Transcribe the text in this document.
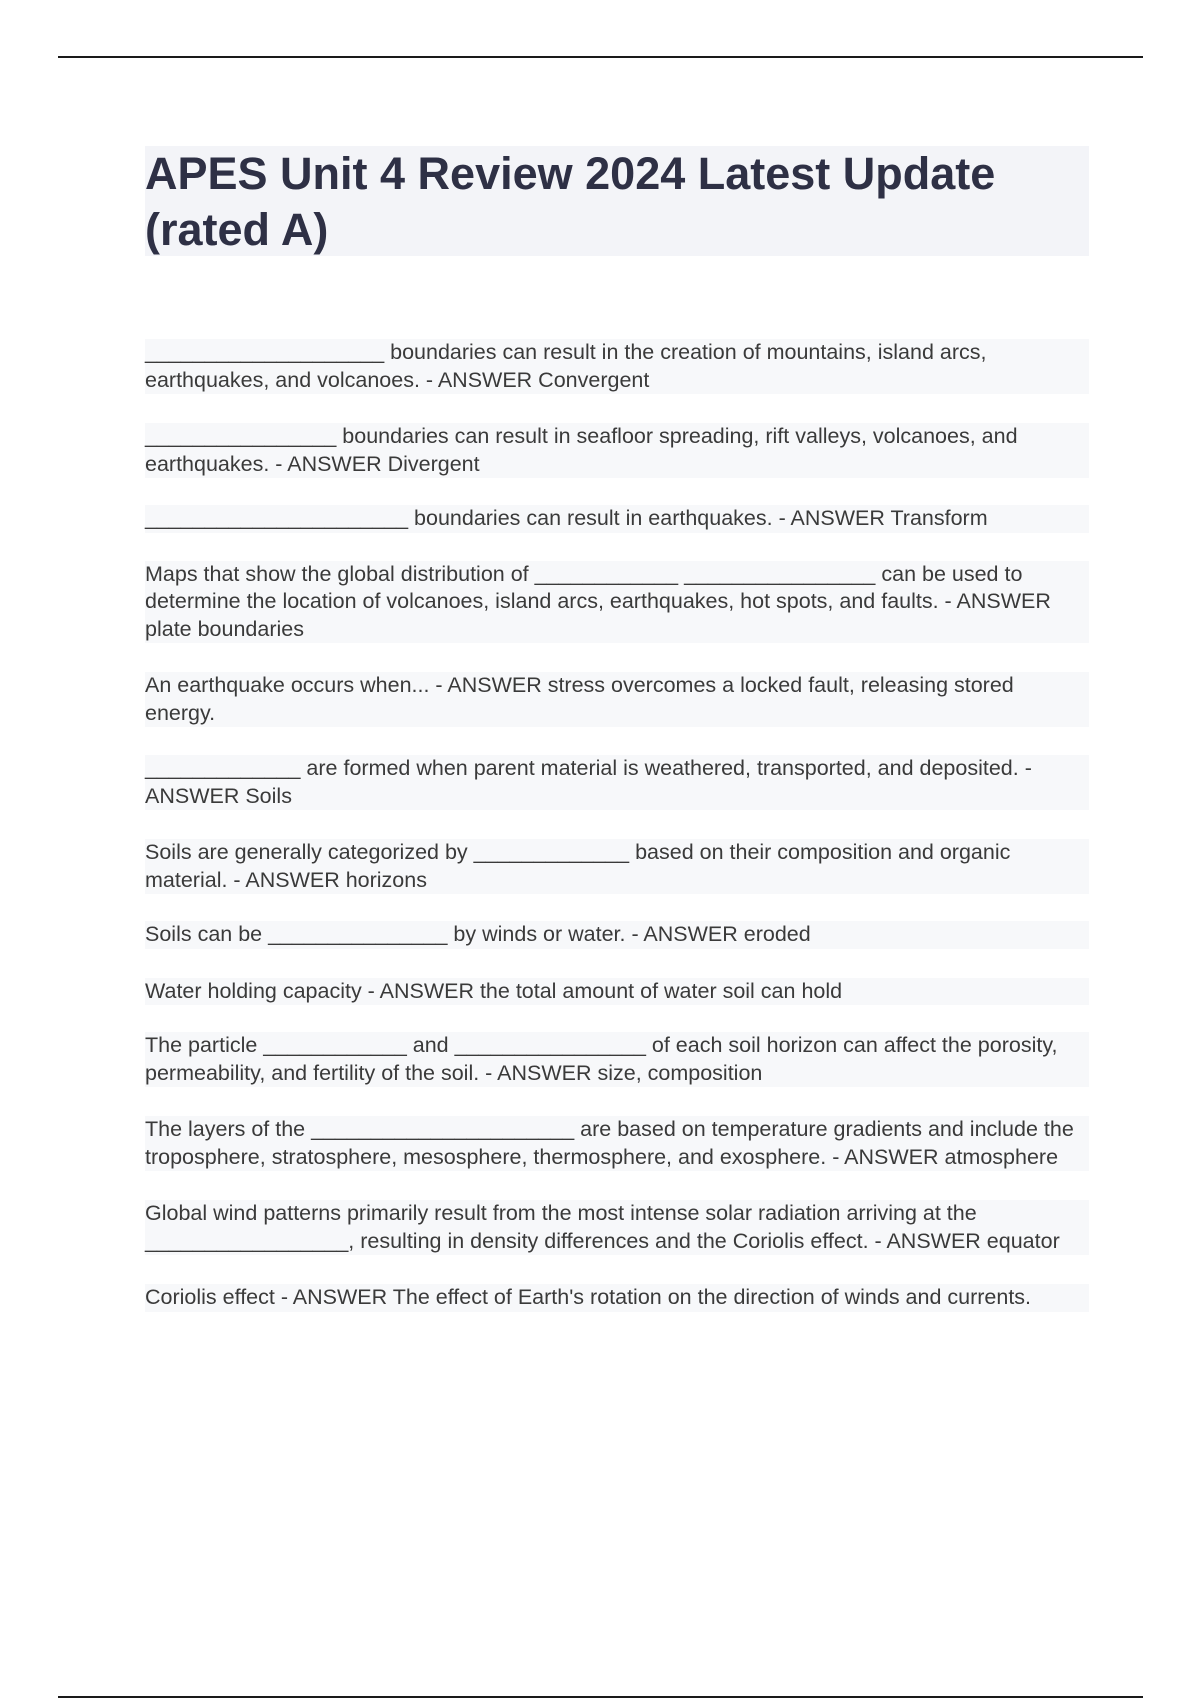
APES Unit 4 Review 2024 Latest Update (rated A)

____________________ boundaries can result in the creation of mountains, island arcs, earthquakes, and volcanoes. - ANSWER Convergent

________________ boundaries can result in seafloor spreading, rift valleys, volcanoes, and earthquakes. - ANSWER Divergent

______________________ boundaries can result in earthquakes. - ANSWER Transform

Maps that show the global distribution of ____________ ________________ can be used to determine the location of volcanoes, island arcs, earthquakes, hot spots, and faults. - ANSWER plate boundaries

An earthquake occurs when... - ANSWER stress overcomes a locked fault, releasing stored energy.

_____________ are formed when parent material is weathered, transported, and deposited. - ANSWER Soils

Soils are generally categorized by _____________ based on their composition and organic material. - ANSWER horizons

Soils can be _______________ by winds or water. - ANSWER eroded

Water holding capacity - ANSWER the total amount of water soil can hold

The particle ____________ and ________________ of each soil horizon can affect the porosity, permeability, and fertility of the soil. - ANSWER size, composition

The layers of the ______________________ are based on temperature gradients and include the troposphere, stratosphere, mesosphere, thermosphere, and exosphere. - ANSWER atmosphere

Global wind patterns primarily result from the most intense solar radiation arriving at the _________________, resulting in density differences and the Coriolis effect. - ANSWER equator

Coriolis effect - ANSWER The effect of Earth's rotation on the direction of winds and currents.
